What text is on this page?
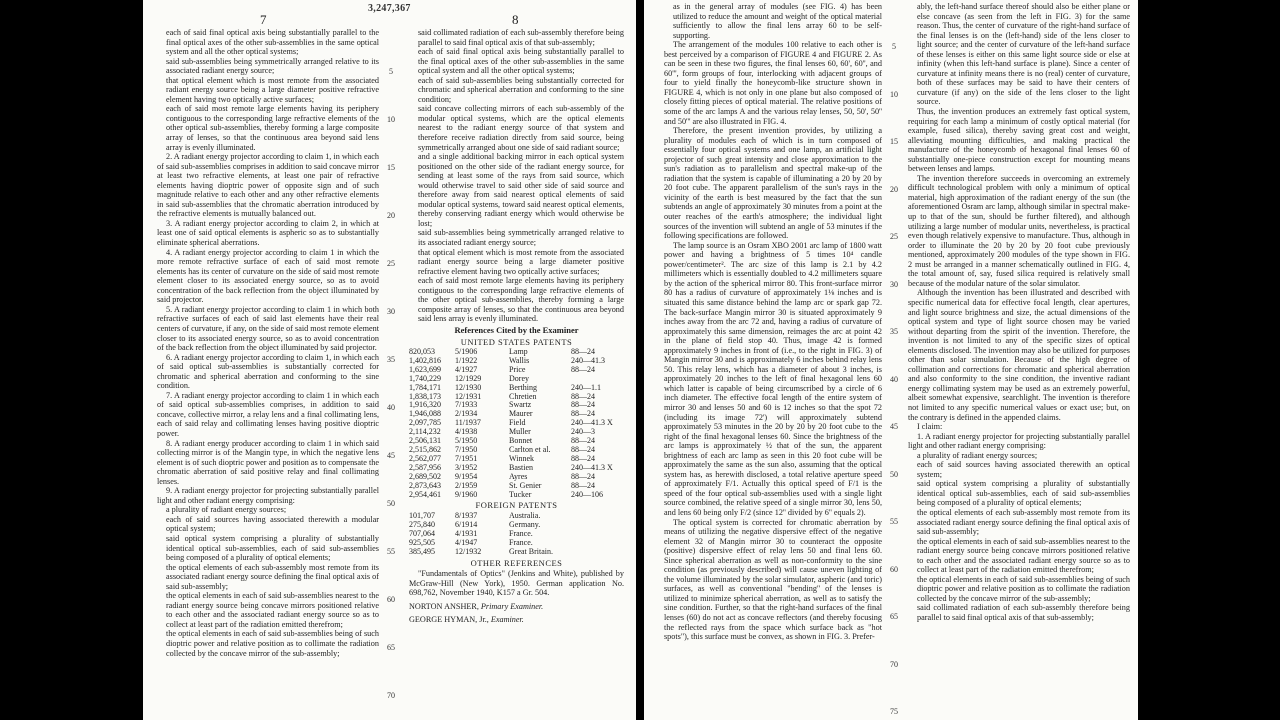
3,247,367
7	8

each of said final optical axis being substantially parallel to the final optical axes of the other sub-assemblies in the same optical system and all the other optical systems;

said sub-assemblies being symmetrically arranged relative to its associated radiant energy source;

that optical element which is most remote from the associated radiant energy source being a large diameter positive refractive element having two optically active surfaces;

each of said most remote large elements having its periphery contiguous to the corresponding large refractive elements of the other optical sub-assemblies, thereby forming a large composite array of lenses, so that the continuous area beyond said lens array is evenly illuminated.

2. A radiant energy projector according to claim 1, in which each of said sub-assemblies comprises in addition to said concave mirror at least two refractive elements, at least one pair of refractive elements having dioptric power of opposite sign and of such magnitude relative to each other and any other refractive elements in said sub-assemblies that the chromatic aberration introduced by the refractive elements is mutually balanced out.

3. A radiant energy projector according to claim 2, in which at least one of said optical elements is aspheric so as to substantially eliminate spherical aberrations.

4. A radiant energy projector according to claim 1 in which the more remote refractive surface of each of said most remote elements has its center of curvature on the side of said most remote element closer to its associated energy source, so as to avoid concentration of the back reflection from the object illuminated by said projector.

5. A radiant energy projector according to claim 1 in which both refractive surfaces of each of said last elements have their real centers of curvature, if any, on the side of said most remote element closer to its associated energy source, so as to avoid concentration of the back reflection from the object illuminated by said projector.

6. A radiant energy projector according to claim 1, in which each of said optical sub-assemblies is substantially corrected for chromatic and spherical aberration and conforming to the sine condition.

7. A radiant energy projector according to claim 1 in which each of said optical sub-assemblies comprises, in addition to said concave, collective mirror, a relay lens and a final collimating lens, each of said relay and collimating lenses having positive dioptric power.

8. A radiant energy producer according to claim 1 in which said collecting mirror is of the Mangin type, in which the negative lens element is of such dioptric power and position as to compensate the chromatic aberration of said positive relay and final collimating lenses.

9. A radiant energy projector for projecting substantially parallel light and other radiant energy comprising:

a plurality of radiant energy sources;

each of said sources having associated therewith a modular optical system;

said optical system comprising a plurality of substantially identical optical sub-assemblies, each of said sub-assemblies being composed of a plurality of optical elements;

the optical elements of each sub-assembly most remote from its associated radiant energy source defining the final optical axis of said sub-assembly;

the optical elements in each of said sub-assemblies nearest to the radiant energy source being concave mirrors positioned relative to each other and the associated radiant energy source so as to collect at least part of the radiation emitted therefrom;

the optical elements in each of said sub-assemblies being of such dioptric power and relative position as to collimate the radiation collected by the concave mirror of the sub-assembly;

5
10
15
20
25
30
35
40
45
50
55
60
65
70

said collimated radiation of each sub-assembly therefore being parallel to said final optical axis of that sub-assembly;

each of said final optical axis being substantially parallel to the final optical axes of the other sub-assemblies in the same optical system and all the other optical systems;

each of said sub-assemblies being substantially corrected for chromatic and spherical aberration and conforming to the sine condition;

said concave collecting mirrors of each sub-assembly of the modular optical systems, which are the optical elements nearest to the radiant energy source of that system and therefore receive radiation directly from said source, being symmetrically arranged about one side of said radiant source;

and a single additional backing mirror in each optical system positioned on the other side of the radiant energy source, for sending at least some of the rays from said source, which would otherwise travel to said other side of said source and therefore away from said nearest optical elements of said modular optical systems, toward said nearest optical elements, thereby conserving radiant energy which would otherwise be lost;

said sub-assemblies being symmetrically arranged relative to its associated radiant energy source;

that optical element which is most remote from the associated radiant energy source being a large diameter positive refractive element having two optically active surfaces;

each of said most remote large elements having its periphery contiguous to the corresponding large refractive elements of the other optical sub-assemblies, thereby forming a large composite array of lenses, so that the continuous area beyond said lens array is evenly illuminated.

References Cited by the Examiner
UNITED STATES PATENTS
820,053	5/1906	Lamp	88—24
1,402,816	1/1922	Wallis	240—41.3
1,623,699	4/1927	Price	88—24
1,740,229	12/1929	Dorey	
1,784,171	12/1930	Berthing	240—1.1
1,838,173	12/1931	Chretien	88—24
1,916,320	7/1933	Swartz	88—24
1,946,088	2/1934	Maurer	88—24
2,097,785	11/1937	Field	240—41.3 X
2,114,232	4/1938	Muller	240—3
2,506,131	5/1950	Bonnet	88—24
2,515,862	7/1950	Carlton et al.	88—24
2,562,077	7/1951	Winnek	88—24
2,587,956	3/1952	Bastien	240—41.3 X
2,689,502	9/1954	Ayres	88—24
2,873,643	2/1959	St. Genier	88—24
2,954,461	9/1960	Tucker	240—106
FOREIGN PATENTS
101,707	8/1937	Australia.
275,840	6/1914	Germany.
707,064	4/1931	France.
925,505	4/1947	France.
385,495	12/1932	Great Britain.
OTHER REFERENCES

"Fundamentals of Optics" (Jenkins and White), published by McGraw-Hill (New York), 1950. German application No. 698,762, November 1940, K157 a Gr. 504.

NORTON ANSHER, Primary Examiner.
GEORGE HYMAN, Jr., Examiner.

as in the general array of modules (see FIG. 4) has been utilized to reduce the amount and weight of the optical material sufficiently to allow the final lens array 60 to be self-supporting.

The arrangement of the modules 100 relative to each other is best perceived by a comparison of FIGURE 4 and FIGURE 2. As can be seen in these two figures, the final lenses 60, 60', 60'', and 60''', form groups of four, interlocking with adjacent groups of four to yield finally the honeycomb-like structure shown in FIGURE 4, which is not only in one plane but also composed of closely fitting pieces of optical material. The relative positions of some of the arc lamps A and the various relay lenses, 50, 50', 50'' and 50''' are also illustrated in FIG. 4.

Therefore, the present invention provides, by utilizing a plurality of modules each of which is in turn composed of essentially four optical systems and one lamp, an artificial light projector of such great intensity and close approximation to the sun's radiation as to parallelism and spectral make-up of the radiation that the system is capable of illuminating a 20 by 20 by 20 foot cube. The apparent parallelism of the sun's rays in the vicinity of the earth is best measured by the fact that the sun subtends an angle of approximately 30 minutes from a point at the outer reaches of the earth's atmosphere; the individual light sources of the invention will subtend an angle of 53 minutes if the following specifications are followed.

The lamp source is an Osram XBO 2001 arc lamp of 1800 watt power and having a brightness of 5 times 10⁴ candle power/centimeter². The arc size of this lamp is 2.1 by 4.2 millimeters which is essentially doubled to 4.2 millimeters square by the action of the spherical mirror 80. This front-surface mirror 80 has a radius of curvature of approximately 1⅛ inches and is situated this same distance behind the lamp arc or spark gap 72. The back-surface Mangin mirror 30 is situated approximately 9 inches away from the arc 72 and, having a radius of curvature of approximately this same dimension, reimages the arc at point 42 in the plane of field stop 40. Thus, image 42 is formed approximately 9 inches in front of (i.e., to the right in FIG. 3) of Mangin mirror 30 and is approximately 6 inches behind relay lens 50. This relay lens, which has a diameter of about 3 inches, is approximately 20 inches to the left of final hexagonal lens 60 which latter is capable of being circumscribed by a circle of 6 inch diameter. The effective focal length of the entire system of mirror 30 and lenses 50 and 60 is 12 inches so that the spot 72 (including its image 72') will approximately subtend approximately 53 minutes in the 20 by 20 by 20 foot cube to the right of the final hexagonal lenses 60. Since the brightness of the arc lamps is approximately ½ that of the sun, the apparent brightness of each arc lamp as seen in this 20 foot cube will be approximately the same as the sun also, assuming that the optical system has, as herewith disclosed, a total relative aperture speed of approximately F/1. Actually this optical speed of F/1 is the speed of the four optical sub-assemblies used with a single light source combined, the relative speed of a single mirror 30, lens 50, and lens 60 being only F/2 (since 12'' divided by 6'' equals 2).

The optical system is corrected for chromatic aberration by means of utilizing the negative dispersive effect of the negative element 32 of Mangin mirror 30 to counteract the opposite (positive) dispersive effect of relay lens 50 and final lens 60. Since spherical aberration as well as non-conformity to the sine condition (as previously described) will cause uneven lighting of the volume illuminated by the solar simulator, aspheric (and toric) surfaces, as well as conventional "bending" of the lenses is utilized to minimize spherical aberration, as well as to satisfy the sine condition. Further, so that the right-hand surfaces of the final lenses (60) do not act as concave reflectors (and thereby focusing the reflected rays from the space which surface back as "hot spots"), this surface must be convex, as shown in FIG. 3. Prefer-

5
10
15
20
25
30
35
40
45
50
55
60
65
70
75

ably, the left-hand surface thereof should also be either plane or else concave (as seen from the left in FIG. 3) for the same reason. Thus, the center of curvature of the right-hand surface of the final lenses is on the (left-hand) side of the lens closer to light source; and the center of curvature of the left-hand surface of these lenses is either on this same light source side or else at infinity (when this left-hand surface is plane). Since a center of curvature at infinity means there is no (real) center of curvature, both of these surfaces may be said to have their centers of curvature (if any) on the side of the lens closer to the light source.

Thus, the invention produces an extremely fast optical system, requiring for each lamp a minimum of costly optical material (for example, fused silica), thereby saving great cost and weight, alleviating mounting difficulties, and making practical the manufacture of the honeycomb of hexagonal final lenses 60 of substantially one-piece construction except for mounting means between lenses and lamps.

The invention therefore succeeds in overcoming an extremely difficult technological problem with only a minimum of optical material, high approximation of the radiant energy of the sun (the aforementioned Osram arc lamp, although similar in spectral make-up to that of the sun, should be further filtered), and although utilizing a large number of modular units, nevertheless, is practical even though relatively expensive to manufacture. Thus, although in order to illuminate the 20 by 20 by 20 foot cube previously mentioned, approximately 200 modules of the type shown in FIG. 2 must be arranged in a manner schematically outlined in FIG. 4, the total amount of, say, fused silica required is relatively small because of the modular nature of the solar simulator.

Although the invention has been illustrated and described with specific numerical data for effective focal length, clear apertures, and light source brightness and size, the actual dimensions of the optical system and type of light source chosen may be varied without departing from the spirit of the invention. Therefore, the invention is not limited to any of the specific sizes of optical elements disclosed. The invention may also be utilized for purposes other than solar simulation. Because of the high degree of collimation and corrections for chromatic and spherical aberration and also conformity to the sine condition, the inventive radiant energy collimating system may be used as an extremely powerful, albeit somewhat expensive, searchlight. The invention is therefore not limited to any specific numerical values or exact use; but, on the contrary is defined in the appended claims.

I claim:

1. A radiant energy projector for projecting substantially parallel light and other radiant energy comprising:

a plurality of radiant energy sources;

each of said sources having associated therewith an optical system;

said optical system comprising a plurality of substantially identical optical sub-assemblies, each of said sub-assemblies being composed of a plurality of optical elements;

the optical elements of each sub-assembly most remote from its associated radiant energy source defining the final optical axis of said sub-assembly;

the optical elements in each of said sub-assemblies nearest to the radiant energy source being concave mirrors positioned relative to each other and the associated radiant energy source so as to collect at least part of the radiation emitted therefrom;

the optical elements in each of said sub-assemblies being of such dioptric power and relative position as to collimate the radiation collected by the concave mirror of the sub-assembly;

said collimated radiation of each sub-assembly therefore being parallel to said final optical axis of that sub-assembly;
